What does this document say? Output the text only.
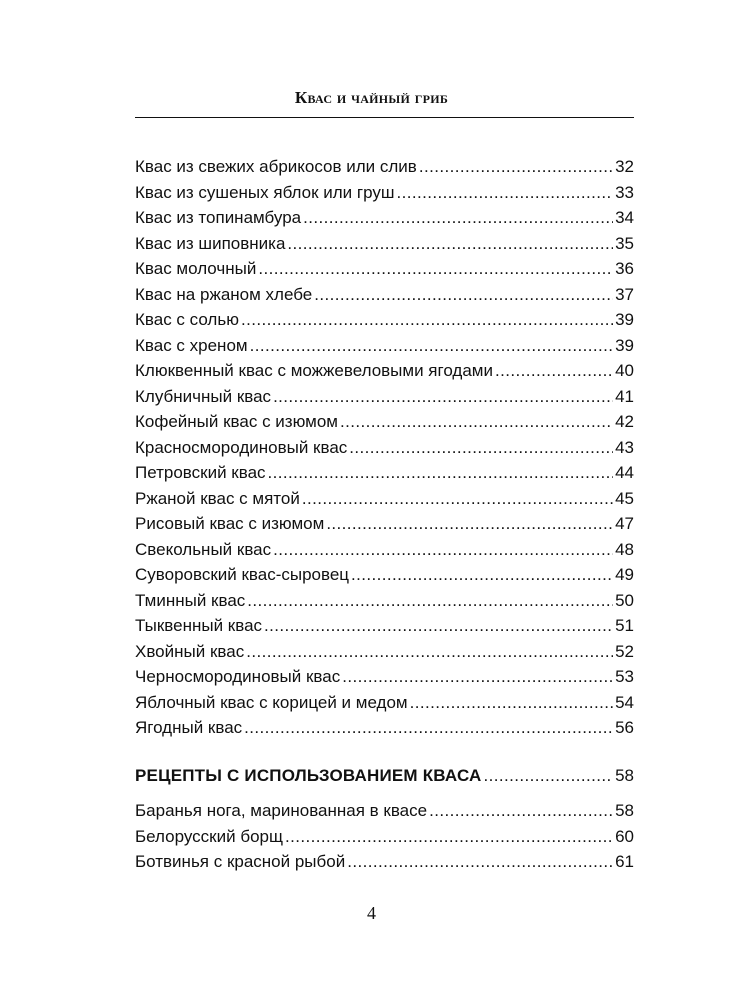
Квас и чайный гриб
Квас из свежих абрикосов или слив .....	32
Квас из сушеных яблок или груш .....	33
Квас из топинамбура .....	34
Квас из шиповника .....	35
Квас молочный .....	36
Квас на ржаном хлебе .....	37
Квас с солью .....	39
Квас с хреном .....	39
Клюквенный квас с можжевеловыми ягодами .....	40
Клубничный квас .....	41
Кофейный квас с изюмом .....	42
Красносмородиновый квас .....	43
Петровский квас .....	44
Ржаной квас с мятой .....	45
Рисовый квас с изюмом .....	47
Свекольный квас .....	48
Суворовский квас-сыровец .....	49
Тминный квас .....	50
Тыквенный квас .....	51
Хвойный квас .....	52
Черносмородиновый квас .....	53
Яблочный квас с корицей и медом .....	54
Ягодный квас .....	56
РЕЦЕПТЫ С ИСПОЛЬЗОВАНИЕМ КВАСА .....	58
Баранья нога, маринованная в квасе .....	58
Белорусский борщ .....	60
Ботвинья с красной рыбой .....	61
4
